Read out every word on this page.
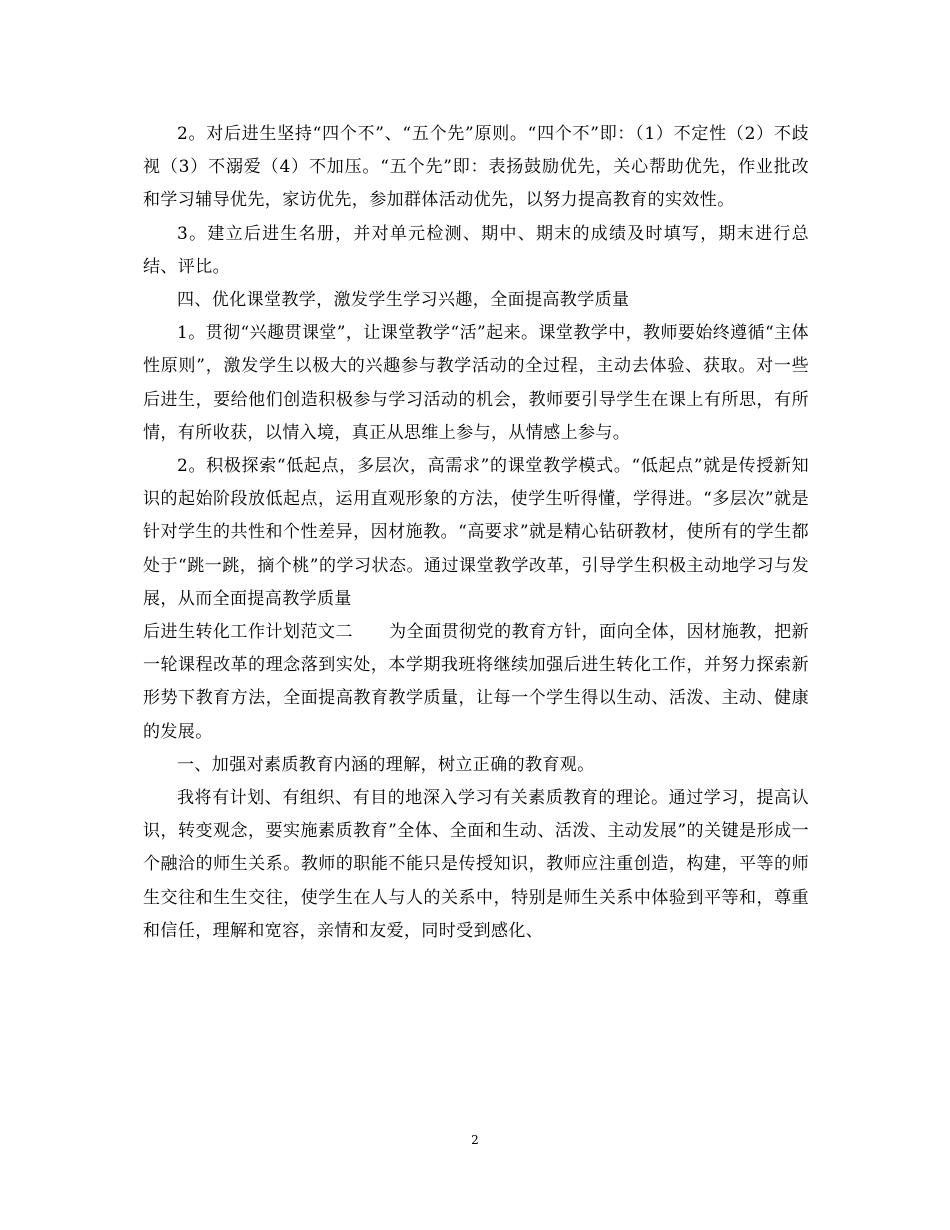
2。对后进生坚持“四个不”、“五个先”原则。“四个不”即：（1）不定性（2）不歧视（3）不溺爱（4）不加压。“五个先”即：表扬鼓励优先，关心帮助优先，作业批改和学习辅导优先，家访优先，参加群体活动优先，以努力提高教育的实效性。

3。建立后进生名册，并对单元检测、期中、期末的成绩及时填写，期末进行总结、评比。

四、优化课堂教学，激发学生学习兴趣，全面提高教学质量

1。贯彻“兴趣贯课堂”，让课堂教学“活”起来。课堂教学中，教师要始终遵循“主体性原则”，激发学生以极大的兴趣参与教学活动的全过程，主动去体验、获取。对一些后进生，要给他们创造积极参与学习活动的机会，教师要引导学生在课上有所思，有所情，有所收获，以情入境，真正从思维上参与，从情感上参与。

2。积极探索“低起点，多层次，高需求”的课堂教学模式。“低起点”就是传授新知识的起始阶段放低起点，运用直观形象的方法，使学生听得懂，学得进。“多层次”就是针对学生的共性和个性差异，因材施教。“高要求”就是精心钻研教材，使所有的学生都处于“跳一跳，摘个桃”的学习状态。通过课堂教学改革，引导学生积极主动地学习与发展，从而全面提高教学质量

后进生转化工作计划范文二 为全面贯彻党的教育方针，面向全体，因材施教，把新一轮课程改革的理念落到实处，本学期我班将继续加强后进生转化工作，并努力探索新形势下教育方法，全面提高教育教学质量，让每一个学生得以生动、活泼、主动、健康的发展。

一、加强对素质教育内涵的理解，树立正确的教育观。

我将有计划、有组织、有目的地深入学习有关素质教育的理论。通过学习，提高认识，转变观念，要实施素质教育”全体、全面和生动、活泼、主动发展”的关键是形成一个融洽的师生关系。教师的职能不能只是传授知识，教师应注重创造，构建，平等的师生交往和生生交往，使学生在人与人的关系中，特别是师生关系中体验到平等和，尊重和信任，理解和宽容，亲情和友爱，同时受到感化、

2
